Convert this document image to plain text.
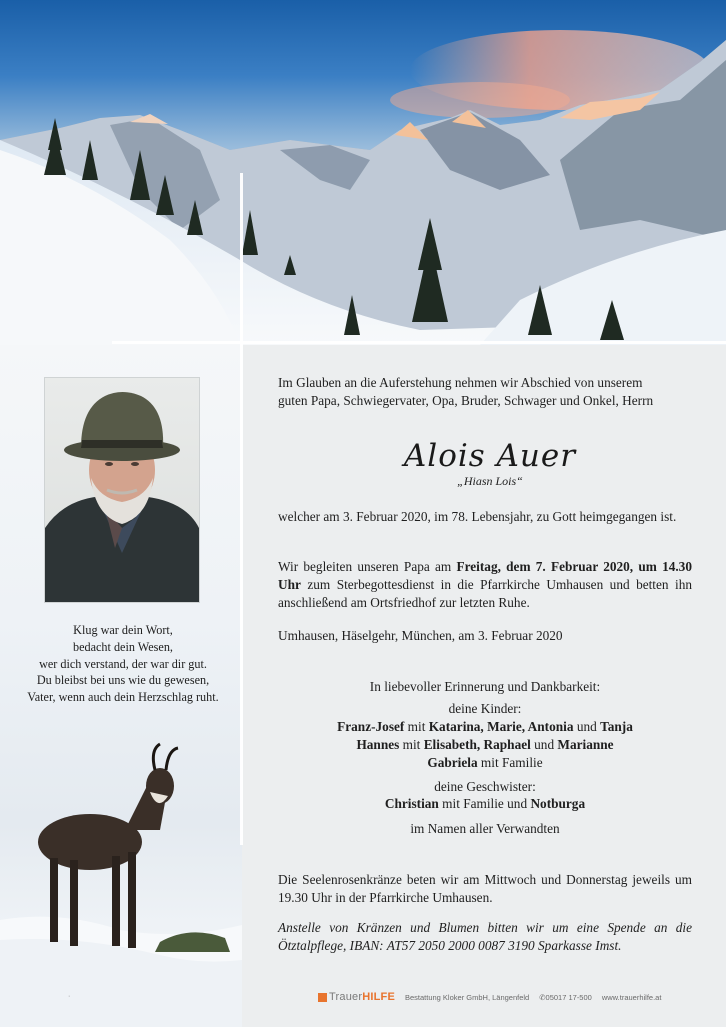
Klug war dein Wort,
bedacht dein Wesen,
wer dich verstand, der war dir gut.
Du bleibst bei uns wie du gewesen,
Vater, wenn auch dein Herzschlag ruht.
·
Im Glauben an die Auferstehung nehmen wir Abschied von unserem
guten Papa, Schwiegervater, Opa, Bruder, Schwager und Onkel, Herrn
Alois Auer
„Hiasn Lois“
welcher am 3. Februar 2020, im 78. Lebensjahr, zu Gott heimgegangen ist.
Wir begleiten unseren Papa am Freitag, dem 7. Februar 2020, um 14.30 Uhr zum Sterbegottesdienst in die Pfarrkirche Umhausen und betten ihn anschließend am Ortsfriedhof zur letzten Ruhe.
Umhausen, Häselgehr, München, am 3. Februar 2020
In liebevoller Erinnerung und Dankbarkeit:
deine Kinder:
Franz-Josef mit Katarina, Marie, Antonia und Tanja
Hannes mit Elisabeth, Raphael und Marianne
Gabriela mit Familie
deine Geschwister:
Christian mit Familie und Notburga
im Namen aller Verwandten
Die Seelenrosenkränze beten wir am Mittwoch und Donnerstag jeweils um 19.30 Uhr in der Pfarrkirche Umhausen.
Anstelle von Kränzen und Blumen bitten wir um eine Spende an die Ötztalpflege, IBAN: AT57 2050 2000 0087 3190 Sparkasse Imst.
TrauerHILFE Bestattung Kloker GmbH, Längenfeld ✆05017 17-500 www.trauerhilfe.at
